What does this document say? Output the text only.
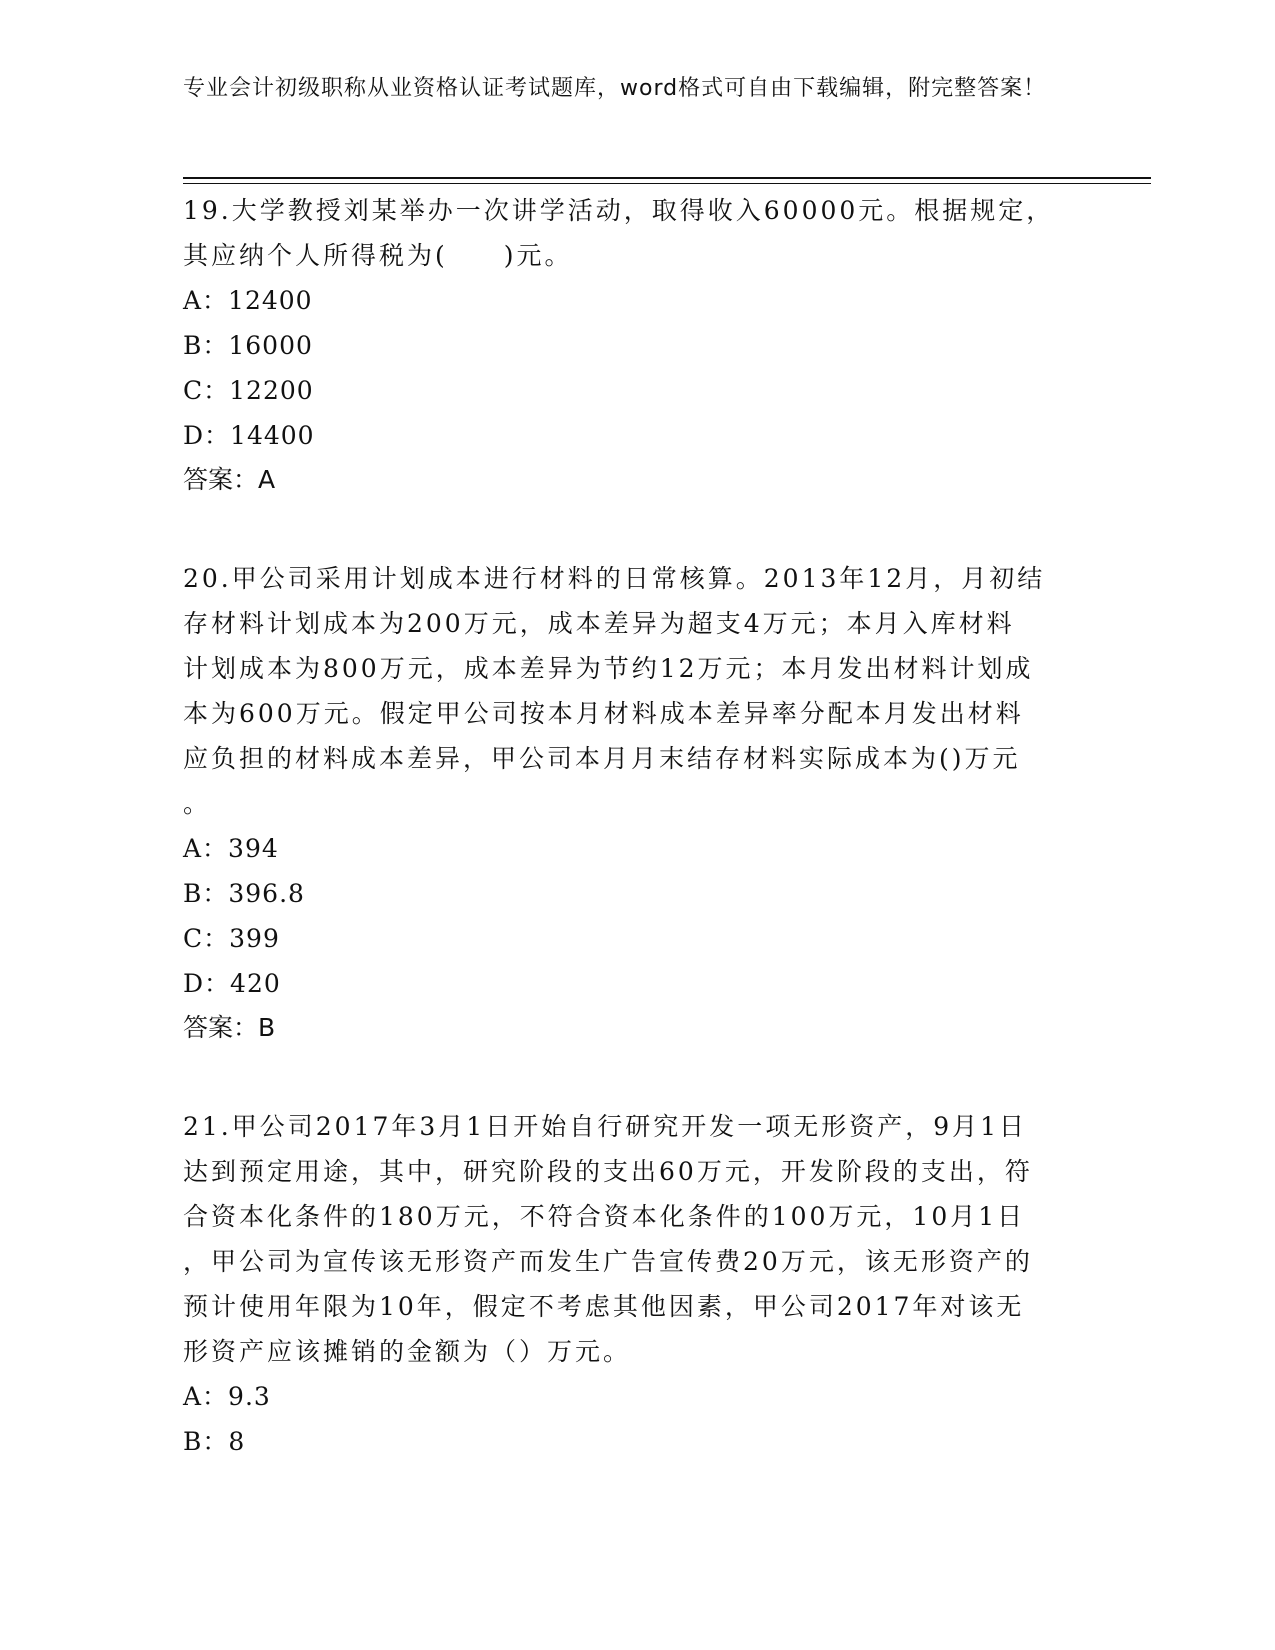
专业会计初级职称从业资格认证考试题库，word格式可自由下载编辑，附完整答案！

19.大学教授刘某举办一次讲学活动，取得收入60000元。根据规定，

其应纳个人所得税为(　　)元。

A：12400

B：16000

C：12200

D：14400

答案：A

20.甲公司采用计划成本进行材料的日常核算。2013年12月，月初结

存材料计划成本为200万元，成本差异为超支4万元；本月入库材料

计划成本为800万元，成本差异为节约12万元；本月发出材料计划成

本为600万元。假定甲公司按本月材料成本差异率分配本月发出材料

应负担的材料成本差异，甲公司本月月末结存材料实际成本为()万元

。

A：394

B：396.8

C：399

D：420

答案：B

21.甲公司2017年3月1日开始自行研究开发一项无形资产，9月1日

达到预定用途，其中，研究阶段的支出60万元，开发阶段的支出，符

合资本化条件的180万元，不符合资本化条件的100万元，10月1日

，甲公司为宣传该无形资产而发生广告宣传费20万元，该无形资产的

预计使用年限为10年，假定不考虑其他因素，甲公司2017年对该无

形资产应该摊销的金额为（）万元。

A：9.3

B：8
